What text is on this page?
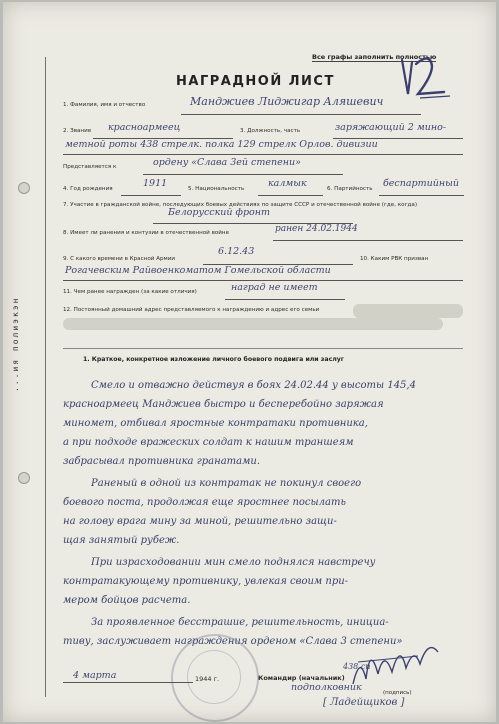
...ия полиэкэн
Все графы заполнить полностью
НАГРАДНОЙ ЛИСТ
1. Фамилия, имя и отчество	Манджиев Лиджигар Аляшевич
2. Звание красноармеец	3. Должность, часть	заряжающий 2 мино-
метной роты 438 стрелк. полка 129 стрелк Орлов. дивизии
Представляется к	ордену «Слава 3ей степени»
4. Год рождения	1911	5. Национальность калмык	6. Партийность беспартийный
7. Участие в гражданской войне, последующих боевых действиях по защите СССР и отечественной войне (где, когда)
Белорусский фронт
8. Имеет ли ранения и контузии в отечественной войне	ранен 24.02.1944
9. С какого времени в Красной Армии
6.12.43
10. Каким РВК призван
Рогачевским Райвоенкоматом Гомельской области
11. Чем ранее награжден (за какие отличия)	наград не имеет
12. Постоянный домашний адрес представляемого к награждению и адрес его семьи
1. Краткое, конкретное изложение личного боевого подвига или заслуг
Смело и отважно действуя в боях 24.02.44 у высоты 145,4
красноармеец Манджиев быстро и бесперебойно заряжая
миномет, отбивал яростные контратаки противника,
а при подходе вражеских солдат к нашим траншеям
забрасывал противника гранатами.
Раненый в одной из контратак не покинул своего
боевого поста, продолжая еще яростнее посылать
на голову врага мину за миной, решительно защи-
щая занятый рубеж.
При израсходовании мин смело поднялся навстречу
контратакующему противнику, увлекая своим при-
мером бойцов расчета.
За проявленное бесстрашие, решительность, инициа-
тиву, заслуживает награждения орденом «Слава 3 степени»
4 марта	1944 г.	Командир (начальник)
438 сп
подполковник	(подпись)
[ Ладейщиков ]
